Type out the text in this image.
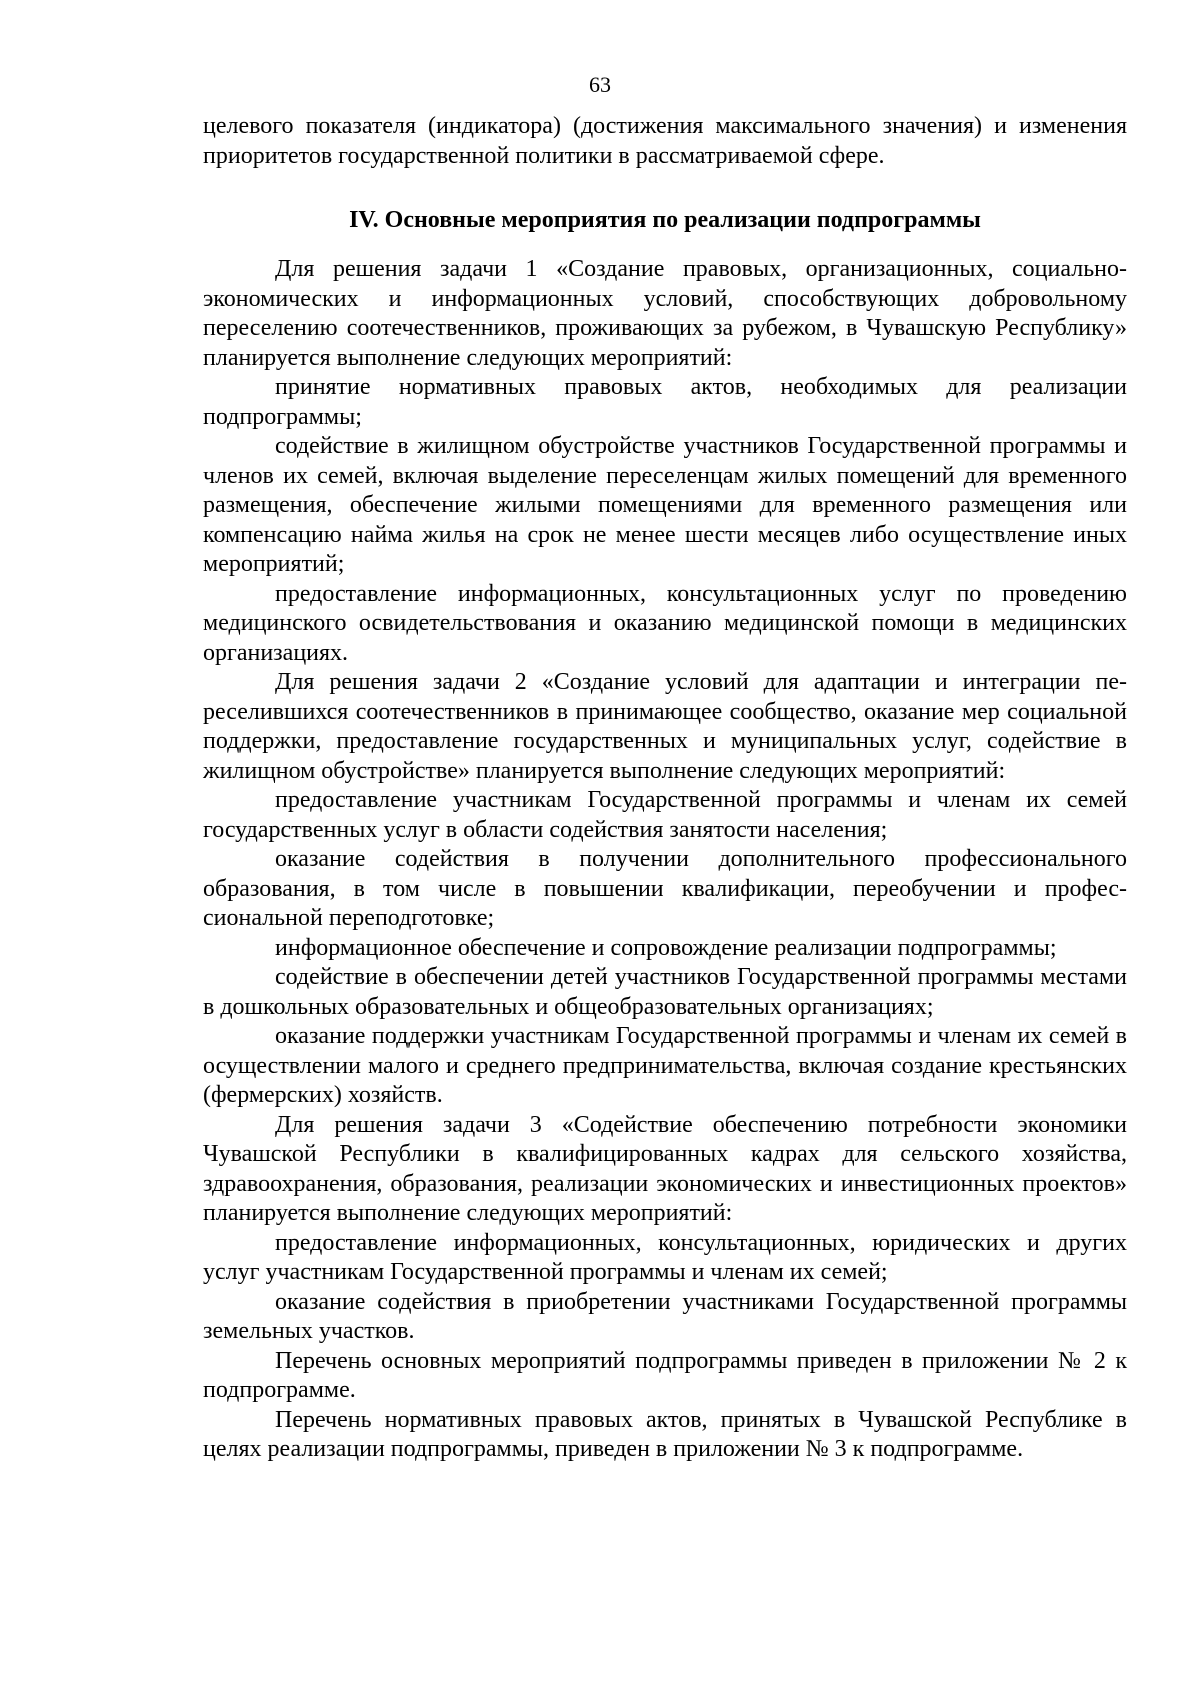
63

целевого показателя (индикатора) (достижения максимального значения) и изменения приоритетов государственной политики в рассматриваемой сфере.

IV. Основные мероприятия по реализации подпрограммы

Для решения задачи 1 «Создание правовых, организационных, социально-экономических и информационных условий, способствующих добровольному переселению соотечественников, проживающих за рубежом, в Чувашскую Республику» планируется выполнение следующих мероприятий:

принятие нормативных правовых актов, необходимых для реализации подпрограммы;

содействие в жилищном обустройстве участников Государственной программы и членов их семей, включая выделение переселенцам жилых помещений для временного размещения, обеспечение жилыми помещениями для временного размещения или компенсацию найма жилья на срок не менее шести месяцев либо осуществление иных мероприятий;

предоставление информационных, консультационных услуг по проведению медицинского освидетельствования и оказанию медицинской помощи в медицинских организациях.

Для решения задачи 2 «Создание условий для адаптации и интеграции переселившихся соотечественников в принимающее сообщество, оказание мер социальной поддержки, предоставление государственных и муниципальных услуг, содействие в жилищном обустройстве» планируется выполнение следующих мероприятий:

предоставление участникам Государственной программы и членам их семей государственных услуг в области содействия занятости населения;

оказание содействия в получении дополнительного профессионального образования, в том числе в повышении квалификации, переобучении и профессиональной переподготовке;

информационное обеспечение и сопровождение реализации подпрограммы;

содействие в обеспечении детей участников Государственной программы местами в дошкольных образовательных и общеобразовательных организациях;

оказание поддержки участникам Государственной программы и членам их семей в осуществлении малого и среднего предпринимательства, включая создание крестьянских (фермерских) хозяйств.

Для решения задачи 3 «Содействие обеспечению потребности экономики Чувашской Республики в квалифицированных кадрах для сельского хозяйства, здравоохранения, образования, реализации экономических и инвестиционных проектов» планируется выполнение следующих мероприятий:

предоставление информационных, консультационных, юридических и других услуг участникам Государственной программы и членам их семей;

оказание содействия в приобретении участниками Государственной программы земельных участков.

Перечень основных мероприятий подпрограммы приведен в приложении № 2 к подпрограмме.

Перечень нормативных правовых актов, принятых в Чувашской Республике в целях реализации подпрограммы, приведен в приложении № 3 к подпрограмме.
